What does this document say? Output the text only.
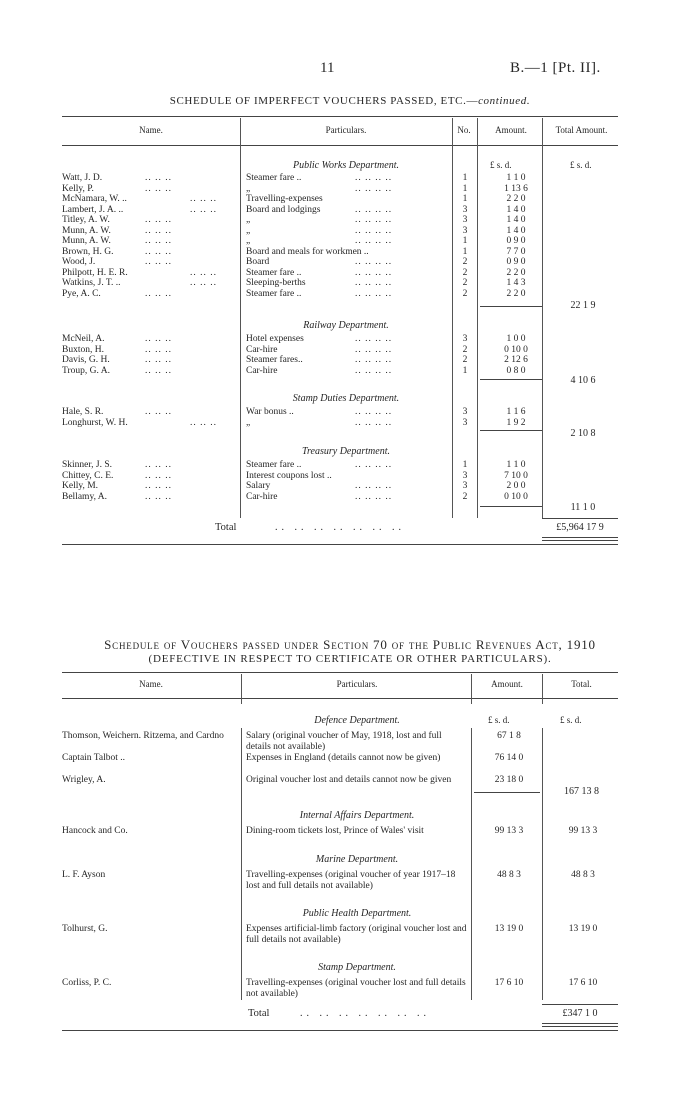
11	B.—1 [Pt. II].
SCHEDULE OF IMPERFECT VOUCHERS PASSED, ETC.—continued.
Name.	Particulars.	No.	Amount.	Total Amount.
£ s. d.	£ s. d.
Public Works Department.
Watt, J. D.	Steamer fare ..	1	1 1 0
.. .. ..	.. .. .. ..
Kelly, P.	„	1	1 13 6
.. .. ..	.. .. .. ..
McNamara, W. ..	Travelling-expenses	1	2 2 0
.. .. ..
Lambert, J. A. ..	Board and lodgings	3	1 4 0
.. .. ..	.. .. .. ..
Titley, A. W.	„	3	1 4 0
.. .. ..	.. .. .. ..
Munn, A. W.	„	3	1 4 0
.. .. ..	.. .. .. ..
Munn, A. W.	„	1	0 9 0
.. .. ..	.. .. .. ..
Brown, H. G.	Board and meals for workmen ..	1	7 7 0
.. .. ..
Wood, J.	Board	2	0 9 0
.. .. ..	.. .. .. ..
Philpott, H. E. R.	Steamer fare ..	2	2 2 0
.. .. ..	.. .. .. ..
Watkins, J. T. ..	Sleeping-berths	2	1 4 3
.. .. ..	.. .. .. ..
Pye, A. C.	Steamer fare ..	2	2 2 0
.. .. ..	.. .. .. ..
22 1 9
Railway Department.
McNeil, A.	Hotel expenses	3	1 0 0
.. .. ..	.. .. .. ..
Buxton, H.	Car-hire	2	0 10 0
.. .. ..	.. .. .. ..
Davis, G. H.	Steamer fares..	2	2 12 6
.. .. ..	.. .. .. ..
Troup, G. A.	Car-hire	1	0 8 0
.. .. ..	.. .. .. ..
4 10 6
Stamp Duties Department.
Hale, S. R.	War bonus ..	3	1 1 6
.. .. ..	.. .. .. ..
Longhurst, W. H.	„	3	1 9 2
.. .. ..	.. .. .. ..
2 10 8
Treasury Department.
Skinner, J. S.	Steamer fare ..	1	1 1 0
.. .. ..	.. .. .. ..
Chittey, C. E.	Interest coupons lost ..	3	7 10 0
.. .. ..
Kelly, M.	Salary	3	2 0 0
.. .. ..	.. .. .. ..
Bellamy, A.	Car-hire	2	0 10 0
.. .. ..	.. .. .. ..
11 1 0
Total	.. .. .. .. .. .. ..	£5,964 17 9
Schedule of Vouchers passed under Section 70 of the Public Revenues Act, 1910
(DEFECTIVE IN RESPECT TO CERTIFICATE OR OTHER PARTICULARS).
Name.	Particulars.	Amount.	Total.
£ s. d.	£ s. d.
Defence Department.
Thomson, Weichern. Ritzema, and Cardno	Salary (original voucher of May, 1918, lost and full details not available)
67 1 8
Captain Talbot ..	Expenses in England (details cannot now be given)	76 14 0
Wrigley, A.	Original voucher lost and details cannot now be given	23 18 0
167 13 8
Internal Affairs Department.
Hancock and Co.	Dining-room tickets lost, Prince of Wales' visit	99 13 3	99 13 3
Marine Department.
L. F. Ayson	Travelling-expenses (original voucher of year 1917–18 lost and full details not available)
48 8 3	48 8 3
Public Health Department.
Tolhurst, G.	Expenses artificial-limb factory (original voucher lost and full details not available)
13 19 0	13 19 0
Stamp Department.
Corliss, P. C.	Travelling-expenses (original voucher lost and full details not available)
17 6 10	17 6 10
Total	.. .. .. .. .. .. ..	£347 1 0
